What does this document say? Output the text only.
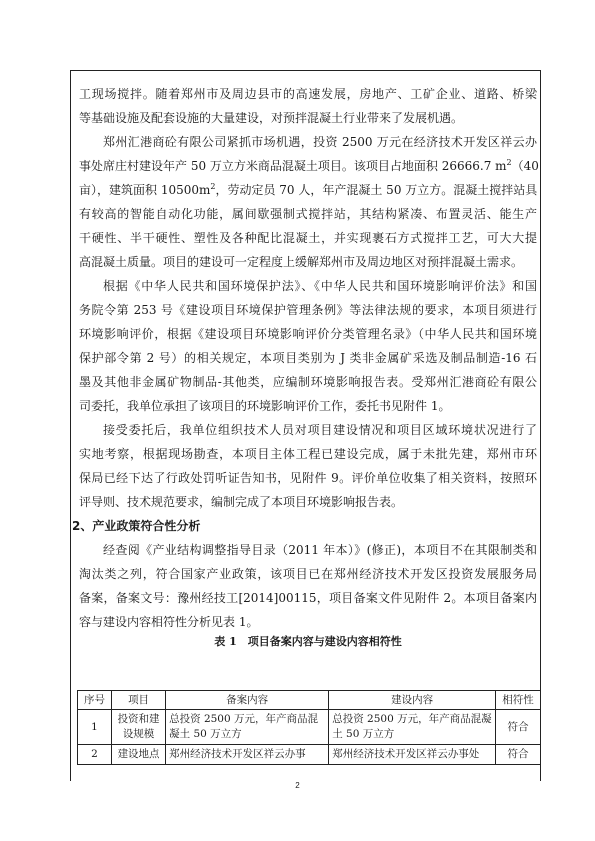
工现场搅拌。随着郑州市及周边县市的高速发展，房地产、工矿企业、道路、桥梁
等基础设施及配套设施的大量建设，对预拌混凝土行业带来了发展机遇。
郑州汇港商砼有限公司紧抓市场机遇，投资 2500 万元在经济技术开发区祥云办
事处席庄村建设年产 50 万立方米商品混凝土项目。该项目占地面积 26666.7 $m^2(40$
亩），建筑面积 $10500m^2$，劳动定员 70 人，年产混凝土 50 万立方。混凝土搅拌站具
有较高的智能自动化功能，属间歇强制式搅拌站，其结构紧凑、布置灵活、能生产
干硬性、半干硬性、塑性及各种配比混凝土，并实现裹石方式搅拌工艺，可大大提
高混凝土质量。项目的建设可一定程度上缓解郑州市及周边地区对预拌混凝土需求。
根据《中华人民共和国环境保护法》、《中华人民共和国环境影响评价法》和国
务院令第 253 号《建设项目环境保护管理条例》等法律法规的要求，本项目须进行
环境影响评价，根据《建设项目环境影响评价分类管理名录》（中华人民共和国环境
保护部令第 2 号）的相关规定，本项目类别为 J 类非金属矿采选及制品制造-16 石
墨及其他非金属矿物制品-其他类，应编制环境影响报告表。受郑州汇港商砼有限公
司委托，我单位承担了该项目的环境影响评价工作，委托书见附件 1。
接受委托后，我单位组织技术人员对项目建设情况和项目区域环境状况进行了
实地考察，根据现场勘查，本项目主体工程已建设完成，属于未批先建，郑州市环
保局已经下达了行政处罚听证告知书，见附件 9。评价单位收集了相关资料，按照环
评导则、技术规范要求，编制完成了本项目环境影响报告表。
2、产业政策符合性分析
经查阅《产业结构调整指导目录（2011 年本）》(修正)，本项目不在其限制类和
淘汰类之列，符合国家产业政策，该项目已在郑州经济技术开发区投资发展服务局
备案，备案文号：豫州经技工[2014]00115，项目备案文件见附件 2。本项目备案内
容与建设内容相符性分析见表 1。
表 1　项目备案内容与建设内容相符性
序号	项目	备案内容	建设内容	相符性
1	投资和建设规模	总投资 2500 万元，年产商品混凝土 50 万立方	总投资 2500 万元，年产商品混凝土 50 万立方	符合
2	建设地点	郑州经济技术开发区祥云办事	郑州经济技术开发区祥云办事处	符合
2
